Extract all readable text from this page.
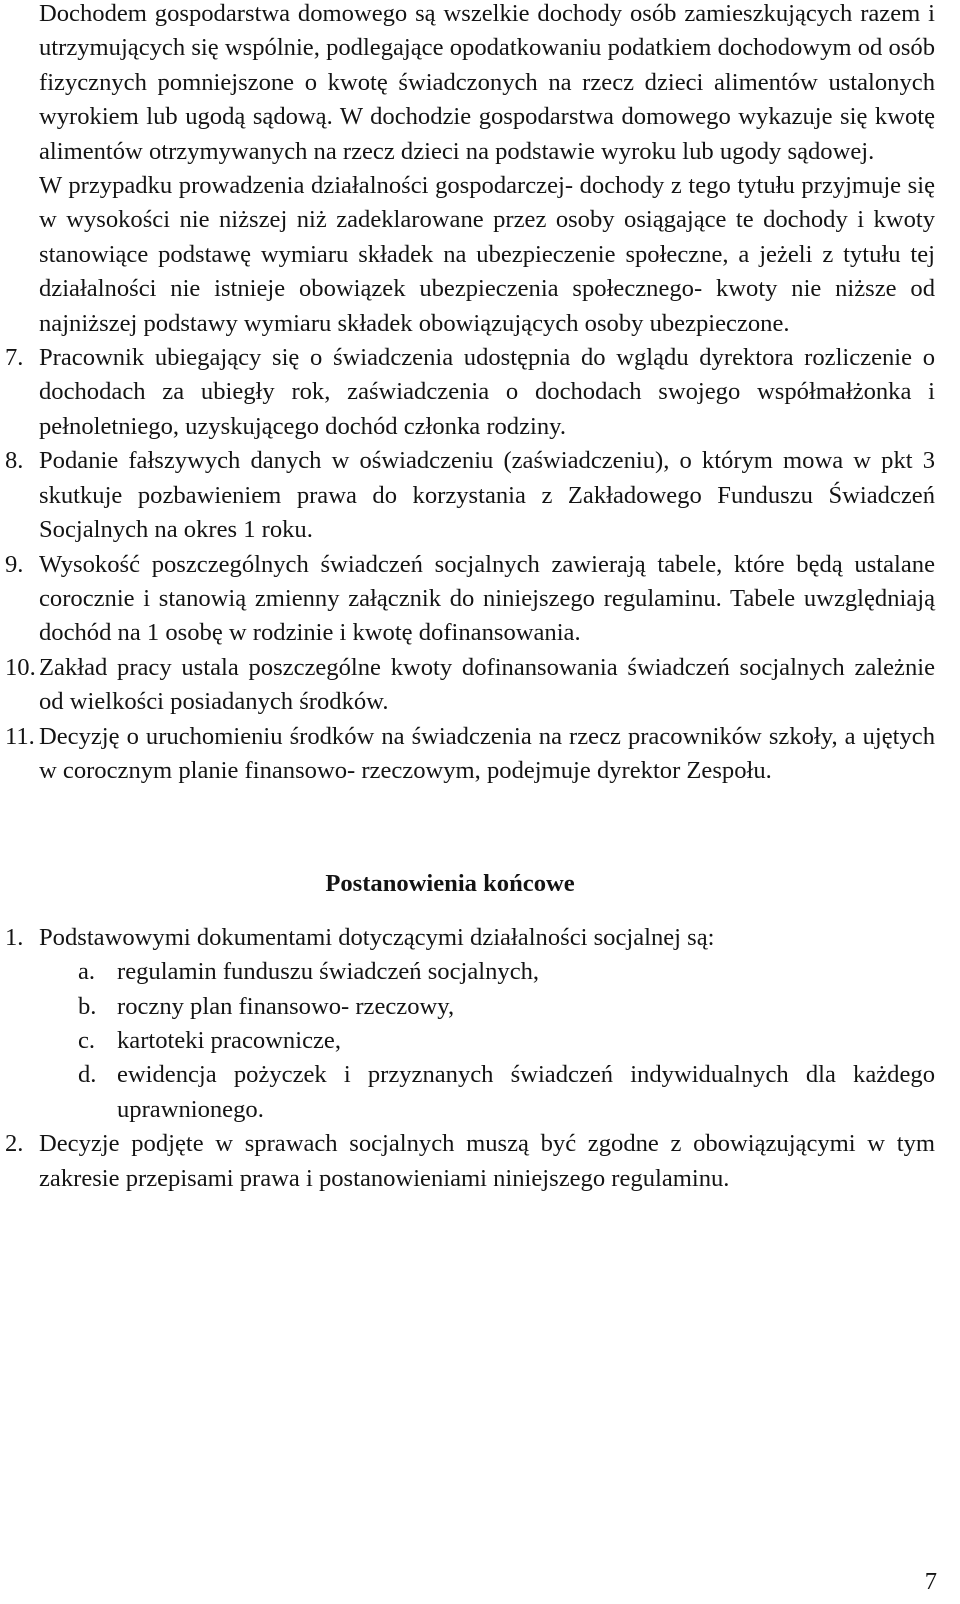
Dochodem gospodarstwa domowego są wszelkie dochody osób zamieszkujących razem i utrzymujących się wspólnie, podlegające opodatkowaniu podatkiem dochodowym od osób fizycznych pomniejszone o kwotę świadczonych na rzecz dzieci alimentów ustalonych wyrokiem lub ugodą sądową. W dochodzie gospodarstwa domowego wykazuje się kwotę alimentów otrzymywanych na rzecz dzieci na podstawie wyroku lub ugody sądowej.

W przypadku prowadzenia działalności gospodarczej- dochody z tego tytułu przyjmuje się w wysokości nie niższej niż zadeklarowane przez osoby osiągające te dochody i kwoty stanowiące podstawę wymiaru składek na ubezpieczenie społeczne, a jeżeli z tytułu tej działalności nie istnieje obowiązek ubezpieczenia społecznego- kwoty nie niższe od najniższej podstawy wymiaru składek obowiązujących osoby ubezpieczone.

7. Pracownik ubiegający się o świadczenia udostępnia do wglądu dyrektora rozliczenie o dochodach za ubiegły rok, zaświadczenia o dochodach swojego współmałżonka i pełnoletniego, uzyskującego dochód członka rodziny.

8. Podanie fałszywych danych w oświadczeniu (zaświadczeniu), o którym mowa w pkt 3 skutkuje pozbawieniem prawa do korzystania z Zakładowego Funduszu Świadczeń Socjalnych na okres 1 roku.

9. Wysokość poszczególnych świadczeń socjalnych zawierają tabele, które będą ustalane corocznie i stanowią zmienny załącznik do niniejszego regulaminu. Tabele uwzględniają dochód na 1 osobę w rodzinie i kwotę dofinansowania.

10. Zakład pracy ustala poszczególne kwoty dofinansowania świadczeń socjalnych zależnie od wielkości posiadanych środków.

11. Decyzję o uruchomieniu środków na świadczenia na rzecz pracowników szkoły, a ujętych w corocznym planie finansowo- rzeczowym, podejmuje dyrektor Zespołu.

Postanowienia końcowe

1. Podstawowymi dokumentami dotyczącymi działalności socjalnej są:

a. regulamin funduszu świadczeń socjalnych,

b. roczny plan finansowo- rzeczowy,

c. kartoteki pracownicze,

d. ewidencja pożyczek i przyznanych świadczeń indywidualnych dla każdego uprawnionego.

2. Decyzje podjęte w sprawach socjalnych muszą być zgodne z obowiązującymi w tym zakresie przepisami prawa i postanowieniami niniejszego regulaminu.

7
